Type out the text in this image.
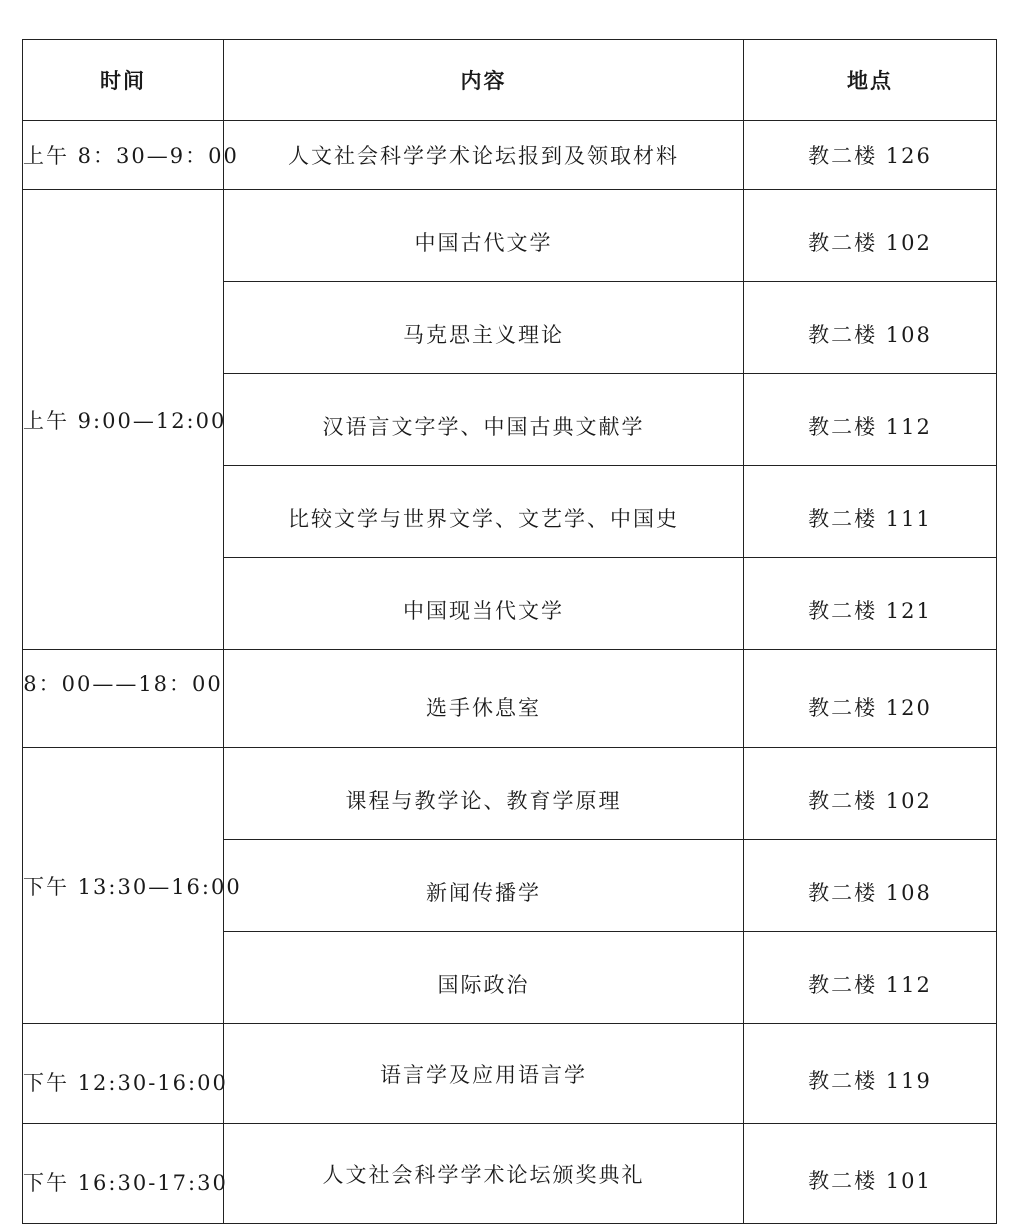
时间	内容	地点
上午 8：30—9：00	人文社会科学学术论坛报到及领取材料	教二楼 126
上午 9:00—12:00	中国古代文学	教二楼 102
	马克思主义理论	教二楼 108
	汉语言文字学、中国古典文献学	教二楼 112
	比较文学与世界文学、文艺学、中国史	教二楼 111
	中国现当代文学	教二楼 121
8：00——18：00	选手休息室	教二楼 120
下午 13:30—16:00	课程与教学论、教育学原理	教二楼 102
	新闻传播学	教二楼 108
	国际政治	教二楼 112
下午 12:30-16:00	语言学及应用语言学	教二楼 119
下午 16:30-17:30	人文社会科学学术论坛颁奖典礼	教二楼 101
